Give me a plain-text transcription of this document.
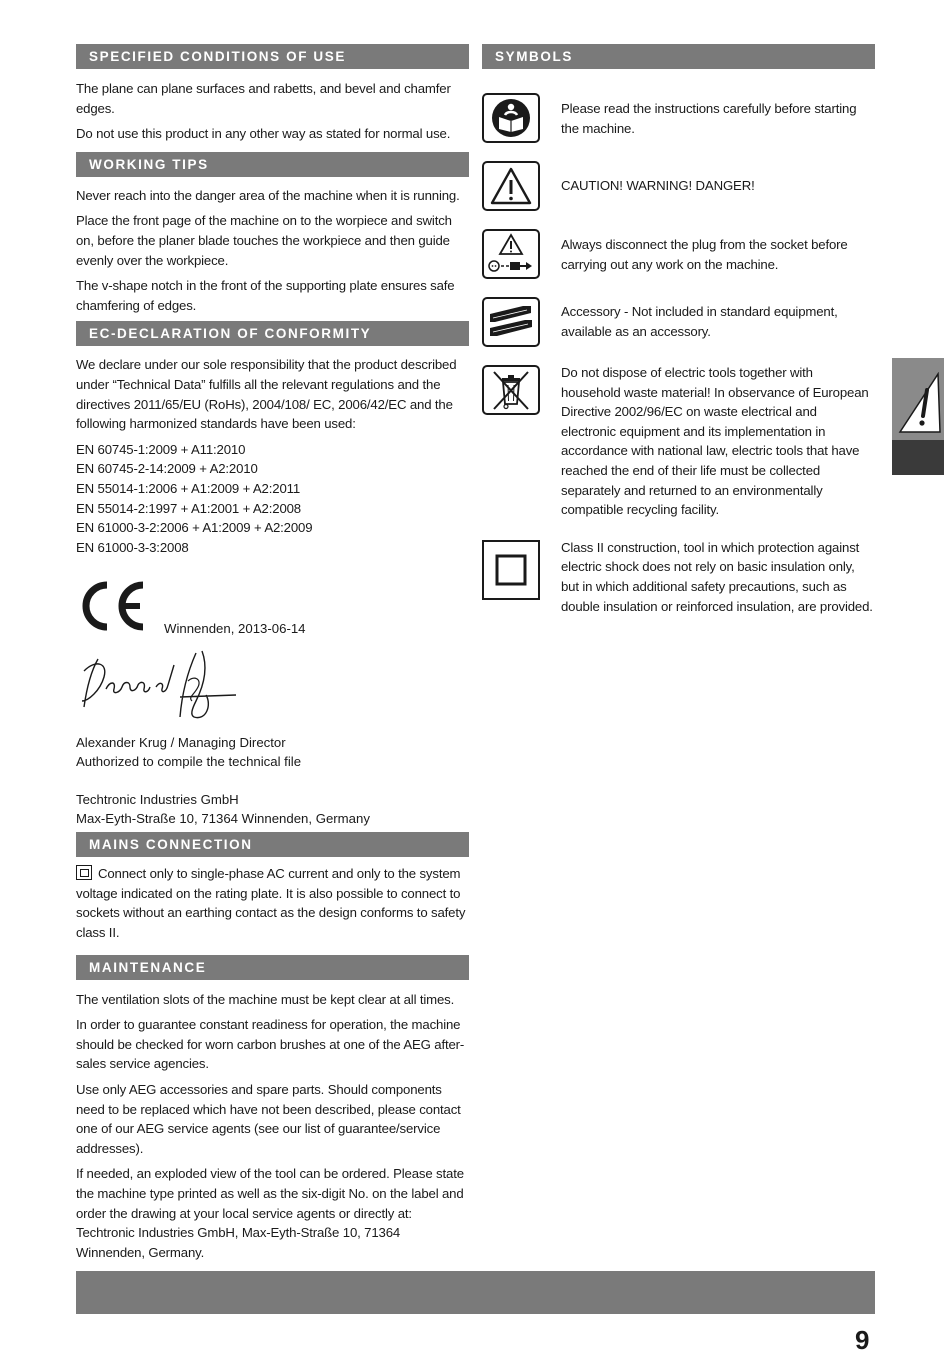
SPECIFIED CONDITIONS OF USE

The plane can plane surfaces and rabetts, and bevel and chamfer edges.

Do not use this product in any other way as stated for normal use.

WORKING TIPS

Never reach into the danger area of the machine when it is running.

Place the front page of the machine on to the worpiece and switch on, before the planer blade touches the workpiece and then guide evenly over the workpiece.

The v-shape notch in the front of the supporting plate ensures safe chamfering of edges.

EC-DECLARATION OF CONFORMITY

We declare under our sole responsibility that the product described under “Technical Data” fulfills all the relevant regulations and the directives 2011/65/EU (RoHs), 2004/108/ EC, 2006/42/EC and the following harmonized standards have been used:

EN 60745-1:2009 + A11:2010
EN 60745-2-14:2009 + A2:2010
EN 55014-1:2006 + A1:2009 + A2:2011
EN 55014-2:1997 + A1:2001 + A2:2008
EN 61000-3-2:2006 + A1:2009 + A2:2009
EN 61000-3-3:2008
Winnenden, 2013-06-14
Alexander Krug / Managing Director
Authorized to compile the technical file
Techtronic Industries GmbH
Max-Eyth-Straße 10, 71364 Winnenden, Germany
MAINS CONNECTION

Connect only to single-phase AC current and only to the system voltage indicated on the rating plate. It is also possible to connect to sockets without an earthing contact as the design conforms to safety class II.

MAINTENANCE

The ventilation slots of the machine must be kept clear at all times.

In order to guarantee constant readiness for operation, the machine should be checked for worn carbon brushes at one of the AEG after-sales service agencies.

Use only AEG accessories and spare parts. Should components need to be replaced which have not been described, please contact one of our AEG service agents (see our list of guarantee/service addresses).

If needed, an exploded view of the tool can be ordered. Please state the machine type printed as well as the six-digit No. on the label and order the drawing at your local service agents or directly at: Techtronic Industries GmbH, Max-Eyth-Straße 10, 71364 Winnenden, Germany.

SYMBOLS
Please read the instructions carefully before starting the machine.
CAUTION! WARNING! DANGER!
Always disconnect the plug from the socket before carrying out any work on the machine.
Accessory - Not included in standard equipment, available as an accessory.
Do not dispose of electric tools together with household waste material! In observance of European Directive 2002/96/EC on waste electrical and electronic equipment and its implementation in accordance with national law, electric tools that have reached the end of their life must be collected separately and returned to an environmentally compatible recycling facility.
Class II construction, tool in which protection against electric shock does not rely on basic insulation only, but in which additional safety precautions, such as double insulation or reinforced insulation, are provided.
9
